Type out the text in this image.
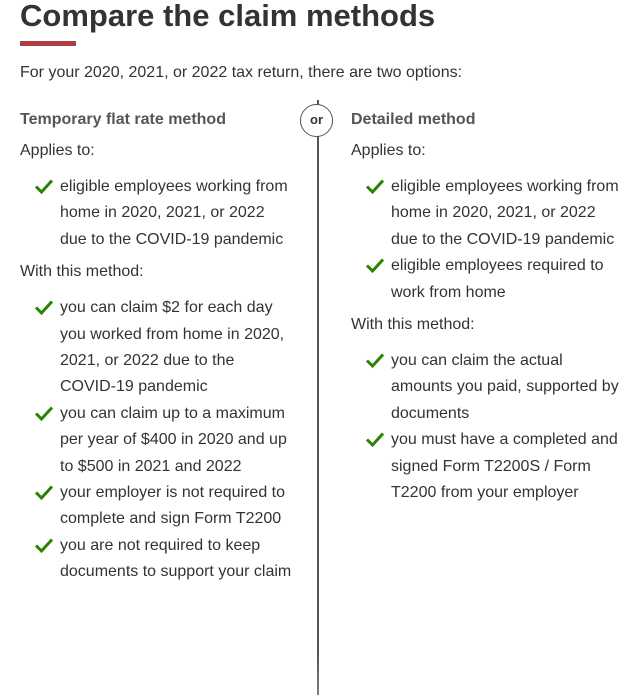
Compare the claim methods

For your 2020, 2021, or 2022 tax return, there are two options:

or
Temporary flat rate method

Applies to:

eligible employees working from home in 2020, 2021, or 2022 due to the COVID-19 pandemic

With this method:

you can claim $2 for each day you worked from home in 2020, 2021, or 2022 due to the COVID-19 pandemic
you can claim up to a maximum per year of $400 in 2020 and up to $500 in 2021 and 2022
your employer is not required to complete and sign Form T2200
you are not required to keep documents to support your claim
Detailed method

Applies to:

eligible employees working from home in 2020, 2021, or 2022 due to the COVID-19 pandemic
eligible employees required to work from home

With this method:

you can claim the actual amounts you paid, supported by documents
you must have a completed and signed Form T2200S / Form T2200 from your employer
